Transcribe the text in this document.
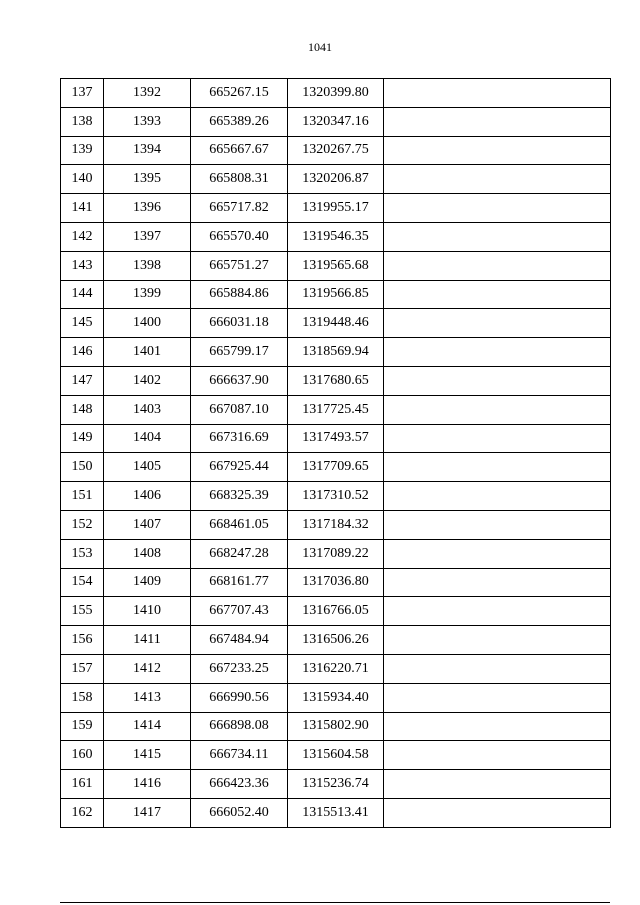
1041
137	1392	665267.15	1320399.80	
138	1393	665389.26	1320347.16	
139	1394	665667.67	1320267.75	
140	1395	665808.31	1320206.87	
141	1396	665717.82	1319955.17	
142	1397	665570.40	1319546.35	
143	1398	665751.27	1319565.68	
144	1399	665884.86	1319566.85	
145	1400	666031.18	1319448.46	
146	1401	665799.17	1318569.94	
147	1402	666637.90	1317680.65	
148	1403	667087.10	1317725.45	
149	1404	667316.69	1317493.57	
150	1405	667925.44	1317709.65	
151	1406	668325.39	1317310.52	
152	1407	668461.05	1317184.32	
153	1408	668247.28	1317089.22	
154	1409	668161.77	1317036.80	
155	1410	667707.43	1316766.05	
156	1411	667484.94	1316506.26	
157	1412	667233.25	1316220.71	
158	1413	666990.56	1315934.40	
159	1414	666898.08	1315802.90	
160	1415	666734.11	1315604.58	
161	1416	666423.36	1315236.74	
162	1417	666052.40	1315513.41	
